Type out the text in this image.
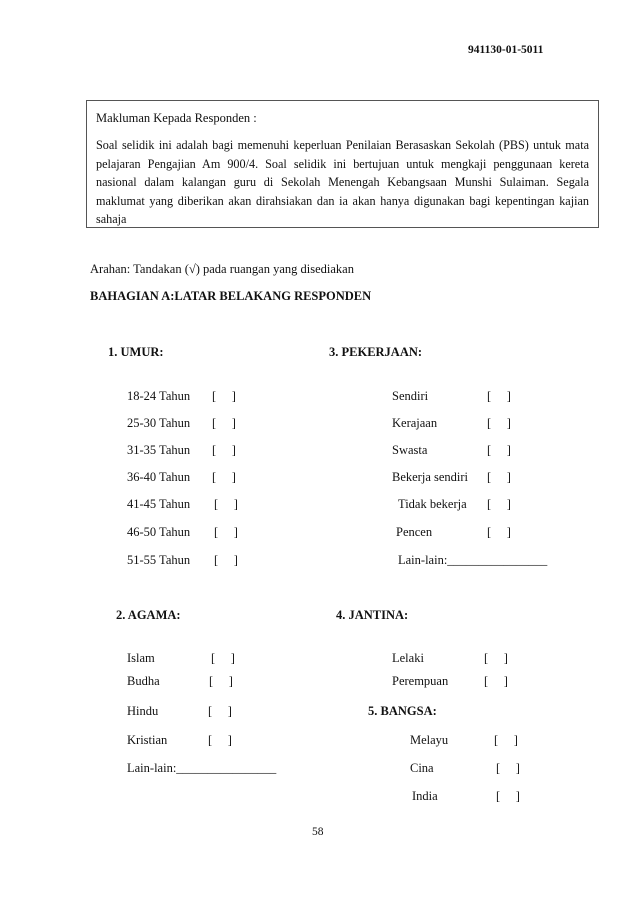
941130-01-5011
Makluman Kepada Responden :
Soal selidik ini adalah bagi memenuhi keperluan Penilaian Berasaskan Sekolah (PBS) untuk mata pelajaran Pengajian Am 900/4. Soal selidik ini bertujuan untuk mengkaji penggunaan kereta nasional dalam kalangan guru di Sekolah Menengah Kebangsaan Munshi Sulaiman. Segala maklumat yang diberikan akan dirahsiakan dan ia akan hanya digunakan bagi kepentingan kajian sahaja
Arahan: Tandakan (√) pada ruangan yang disediakan
BAHAGIAN A:LATAR BELAKANG RESPONDEN
1. UMUR:
18-24 Tahun [     ]
25-30 Tahun [     ]
31-35 Tahun [     ]
36-40 Tahun [     ]
41-45 Tahun [     ]
46-50 Tahun [     ]
51-55 Tahun [     ]
3. PEKERJAAN:
Sendiri	[     ]
Kerajaan	[     ]
Swasta	[     ]
Bekerja sendiri [     ]
Tidak bekerja [     ]
Pencen	[     ]
Lain-lain:________________
2. AGAMA:
Islam	[     ]
Budha	[     ]
Hindu	[     ]
Kristian	[     ]
Lain-lain:________________
4. JANTINA:
Lelaki	[     ]
Perempuan	[     ]
5. BANGSA:
Melayu	[     ]
Cina	[     ]
India	[     ]
58
